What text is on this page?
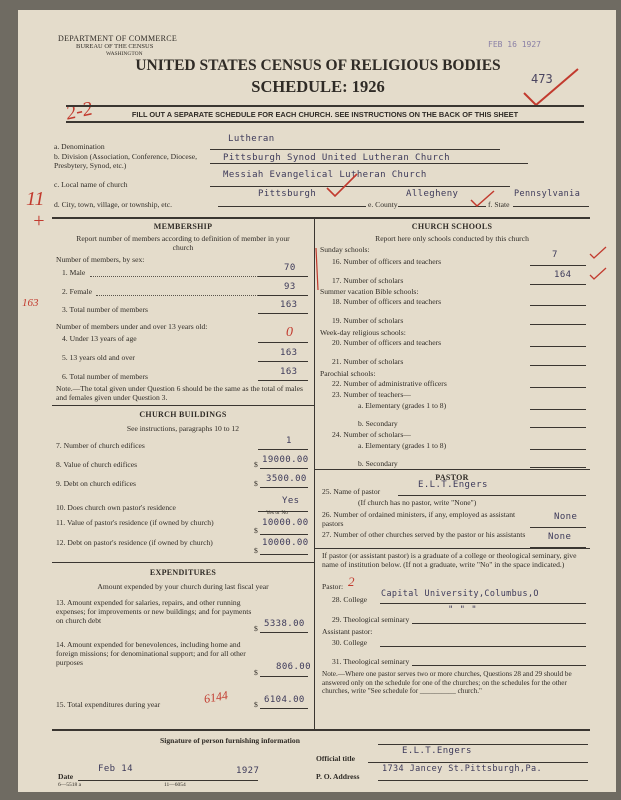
DEPARTMENT OF COMMERCE
BUREAU OF THE CENSUS
WASHINGTON
FEB 16 1927
UNITED STATES CENSUS OF RELIGIOUS BODIES
SCHEDULE: 1926	473
2-2	FILL OUT A SEPARATE SCHEDULE FOR EACH CHURCH. SEE INSTRUCTIONS ON THE BACK OF THIS SHEET
a. Denomination
Lutheran
b. Division (Association, Conference, Diocese, Presbytery, Synod, etc.)
Pittsburgh Synod United Lutheran Church
c. Local name of church
Messiah Evangelical Lutheran Church
d. City, town, village, or township, etc.
Pittsburgh
e. County
Allegheny
f. State
Pennsylvania
11
+	MEMBERSHIP
Report number of members according to definition of member in your church
Number of members, by sex:
1. Male	70
2. Female	93
3. Total number of members	163
163
Number of members under and over 13 years old:
4. Under 13 years of age	0
5. 13 years old and over	163
6. Total number of members	163
Note.—The total given under Question 6 should be the same as the total of males and females given under Question 3.
CHURCH BUILDINGS
See instructions, paragraphs 10 to 12
7. Number of church edifices	1
8. Value of church edifices	$ 19000.00
9. Debt on church edifices	$ 3500.00
10. Does church own pastor's residence
Yes
Yes or No
11. Value of pastor's residence (if owned by church)
$
10000.00
12. Debt on pastor's residence (if owned by church)
$
10000.00
EXPENDITURES
Amount expended by your church during last fiscal year
13. Amount expended for salaries, repairs, and other running expenses; for improvements or new buildings; and for payments on church debt
$ 5338.00
14. Amount expended for benevolences, including home and foreign missions; for denominational support; and for all other purposes
$
806.00
15. Total expenditures during year	$ 6104.00
6144
CHURCH SCHOOLS
Report here only schools conducted by this church
Sunday schools:
16. Number of officers and teachers
7
17. Number of scholars
164
Summer vacation Bible schools:
18. Number of officers and teachers
19. Number of scholars
Week-day religious schools:
20. Number of officers and teachers
21. Number of scholars
Parochial schools:
22. Number of administrative officers
23. Number of teachers—
a. Elementary (grades 1 to 8)
b. Secondary
24. Number of scholars—
a. Elementary (grades 1 to 8)
b. Secondary
PASTOR
25. Name of pastor
E.L.T.Engers
(If church has no pastor, write "None")
26. Number of ordained ministers, if any, employed as assistant pastors
None
27. Number of other churches served by the pastor or his assistants	None
If pastor (or assistant pastor) is a graduate of a college or theological seminary, give name of institution below. (If not a graduate, write "No" in the space indicated.)
Pastor: 2
28. College
Capital University,Columbus,O
29. Theological seminary
" " "
Assistant pastor:
30. College
31. Theological seminary
Note.—Where one pastor serves two or more churches, Questions 28 and 29 should be answered only on the schedule for one of the churches; on the schedules for the other churches, write "See schedule for __________ church."
Signature of person furnishing information
Official title
E.L.T.Engers
Date
Feb 14	1927
P. O. Address
1734 Jancey St.Pittsburgh,Pa.
6—5518 a	11—6054
